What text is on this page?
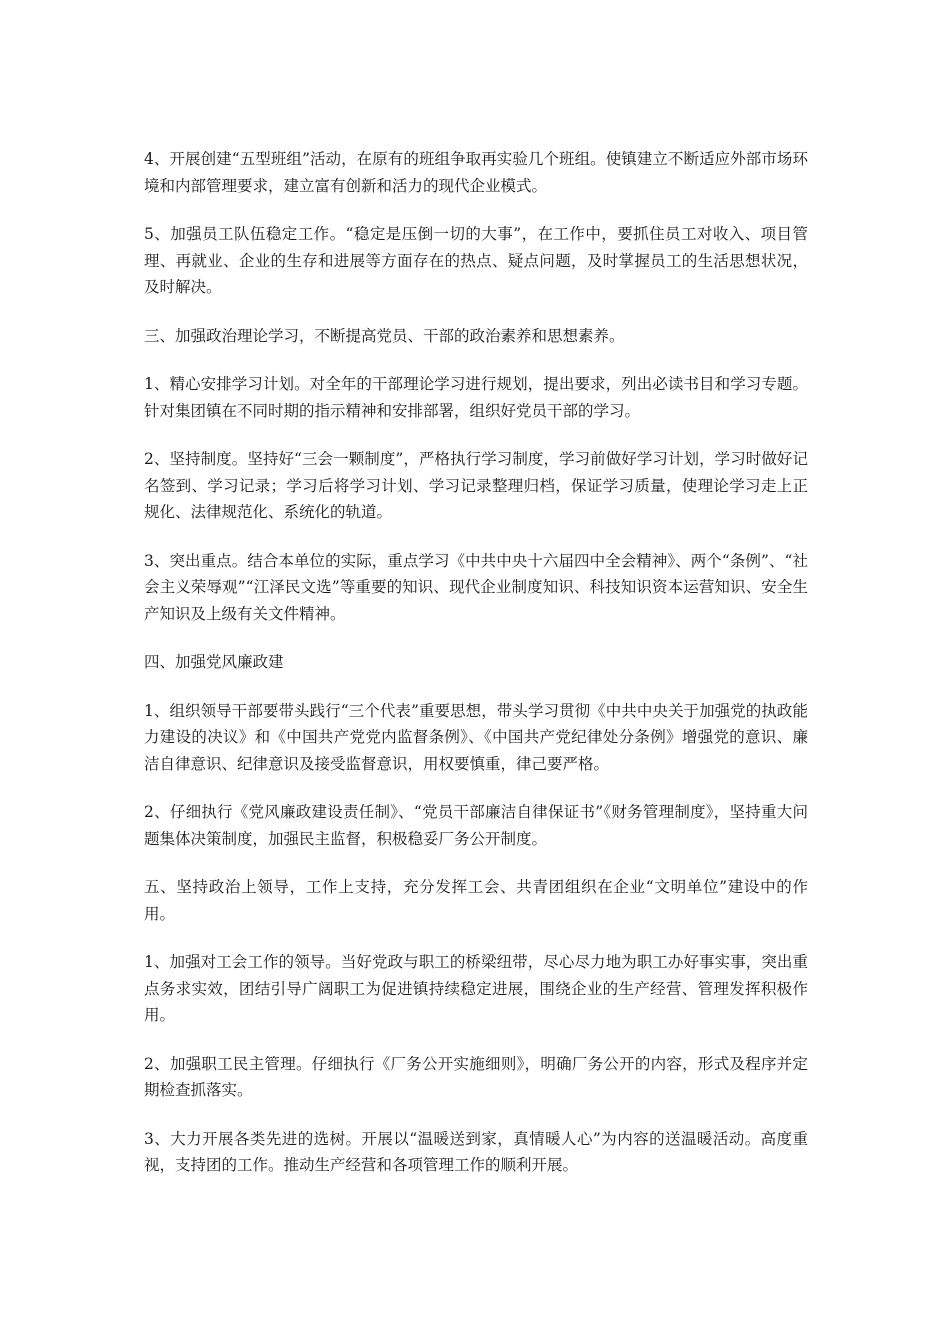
4、开展创建“五型班组”活动，在原有的班组争取再实验几个班组。使镇建立不断适应外部市场环境和内部管理要求，建立富有创新和活力的现代企业模式。

5、加强员工队伍稳定工作。“稳定是压倒一切的大事”，在工作中，要抓住员工对收入、项目管理、再就业、企业的生存和进展等方面存在的热点、疑点问题，及时掌握员工的生活思想状况，及时解决。

三、加强政治理论学习，不断提高党员、干部的政治素养和思想素养。

1、精心安排学习计划。对全年的干部理论学习进行规划，提出要求，列出必读书目和学习专题。针对集团镇在不同时期的指示精神和安排部署，组织好党员干部的学习。

2、坚持制度。坚持好“三会一颗制度”，严格执行学习制度，学习前做好学习计划，学习时做好记名签到、学习记录；学习后将学习计划、学习记录整理归档，保证学习质量，使理论学习走上正规化、法律规范化、系统化的轨道。

3、突出重点。结合本单位的实际，重点学习《中共中央十六届四中全会精神》、两个“条例”、“社会主义荣辱观”“江泽民文选”等重要的知识、现代企业制度知识、科技知识资本运营知识、安全生产知识及上级有关文件精神。

四、加强党风廉政建

1、组织领导干部要带头践行“三个代表”重要思想，带头学习贯彻《中共中央关于加强党的执政能力建设的决议》和《中国共产党党内监督条例》、《中国共产党纪律处分条例》增强党的意识、廉洁自律意识、纪律意识及接受监督意识，用权要慎重，律己要严格。

2、仔细执行《党风廉政建设责任制》、“党员干部廉洁自律保证书”《财务管理制度》，坚持重大问题集体决策制度，加强民主监督，积极稳妥厂务公开制度。

五、坚持政治上领导，工作上支持，充分发挥工会、共青团组织在企业“文明单位”建设中的作用。

1、加强对工会工作的领导。当好党政与职工的桥梁纽带，尽心尽力地为职工办好事实事，突出重点务求实效，团结引导广阔职工为促进镇持续稳定进展，围绕企业的生产经营、管理发挥积极作用。

2、加强职工民主管理。仔细执行《厂务公开实施细则》，明确厂务公开的内容，形式及程序并定期检查抓落实。

3、大力开展各类先进的选树。开展以“温暖送到家，真情暖人心”为内容的送温暖活动。高度重视，支持团的工作。推动生产经营和各项管理工作的顺利开展。
